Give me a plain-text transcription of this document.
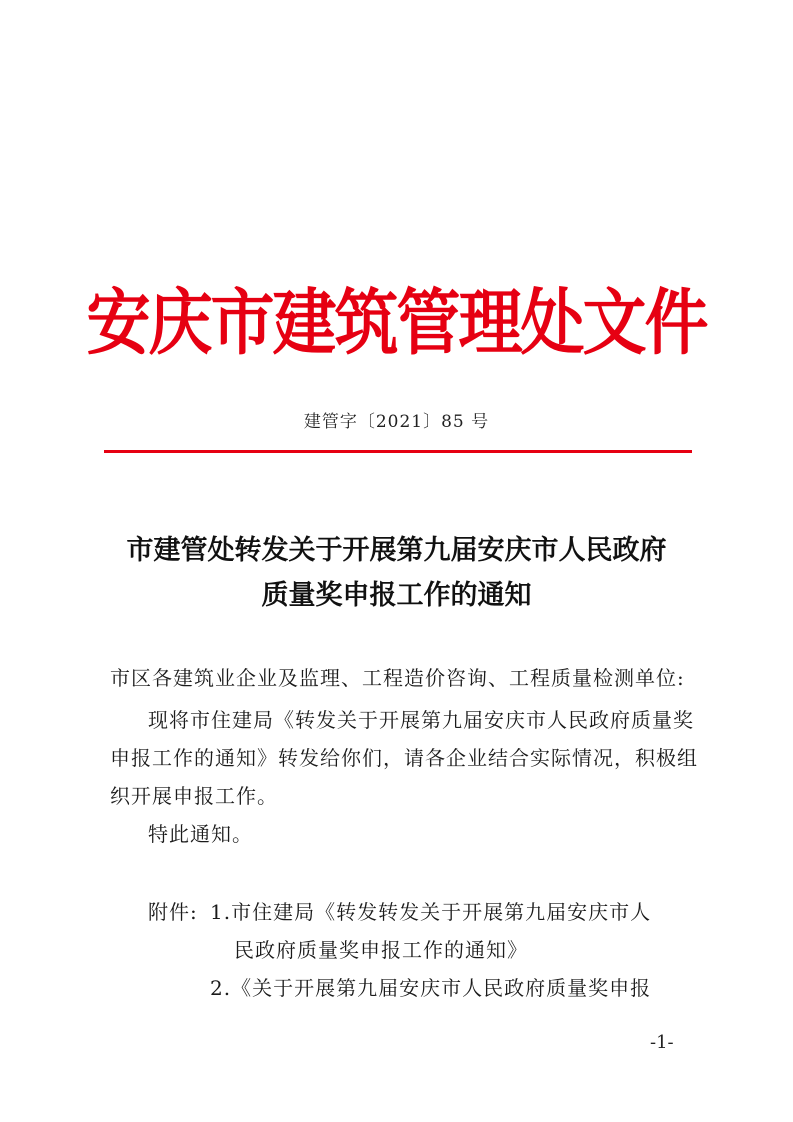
安庆市建筑管理处文件
建管字〔2021〕85 号
市建管处转发关于开展第九届安庆市人民政府
质量奖申报工作的通知
市区各建筑业企业及监理、工程造价咨询、工程质量检测单位:
现将市住建局《转发关于开展第九届安庆市人民政府质量奖
申报工作的通知》转发给你们，请各企业结合实际情况，积极组
织开展申报工作。
特此通知。
附件: 1.市住建局《转发转发关于开展第九届安庆市人
民政府质量奖申报工作的通知》
2.《关于开展第九届安庆市人民政府质量奖申报
-1-
